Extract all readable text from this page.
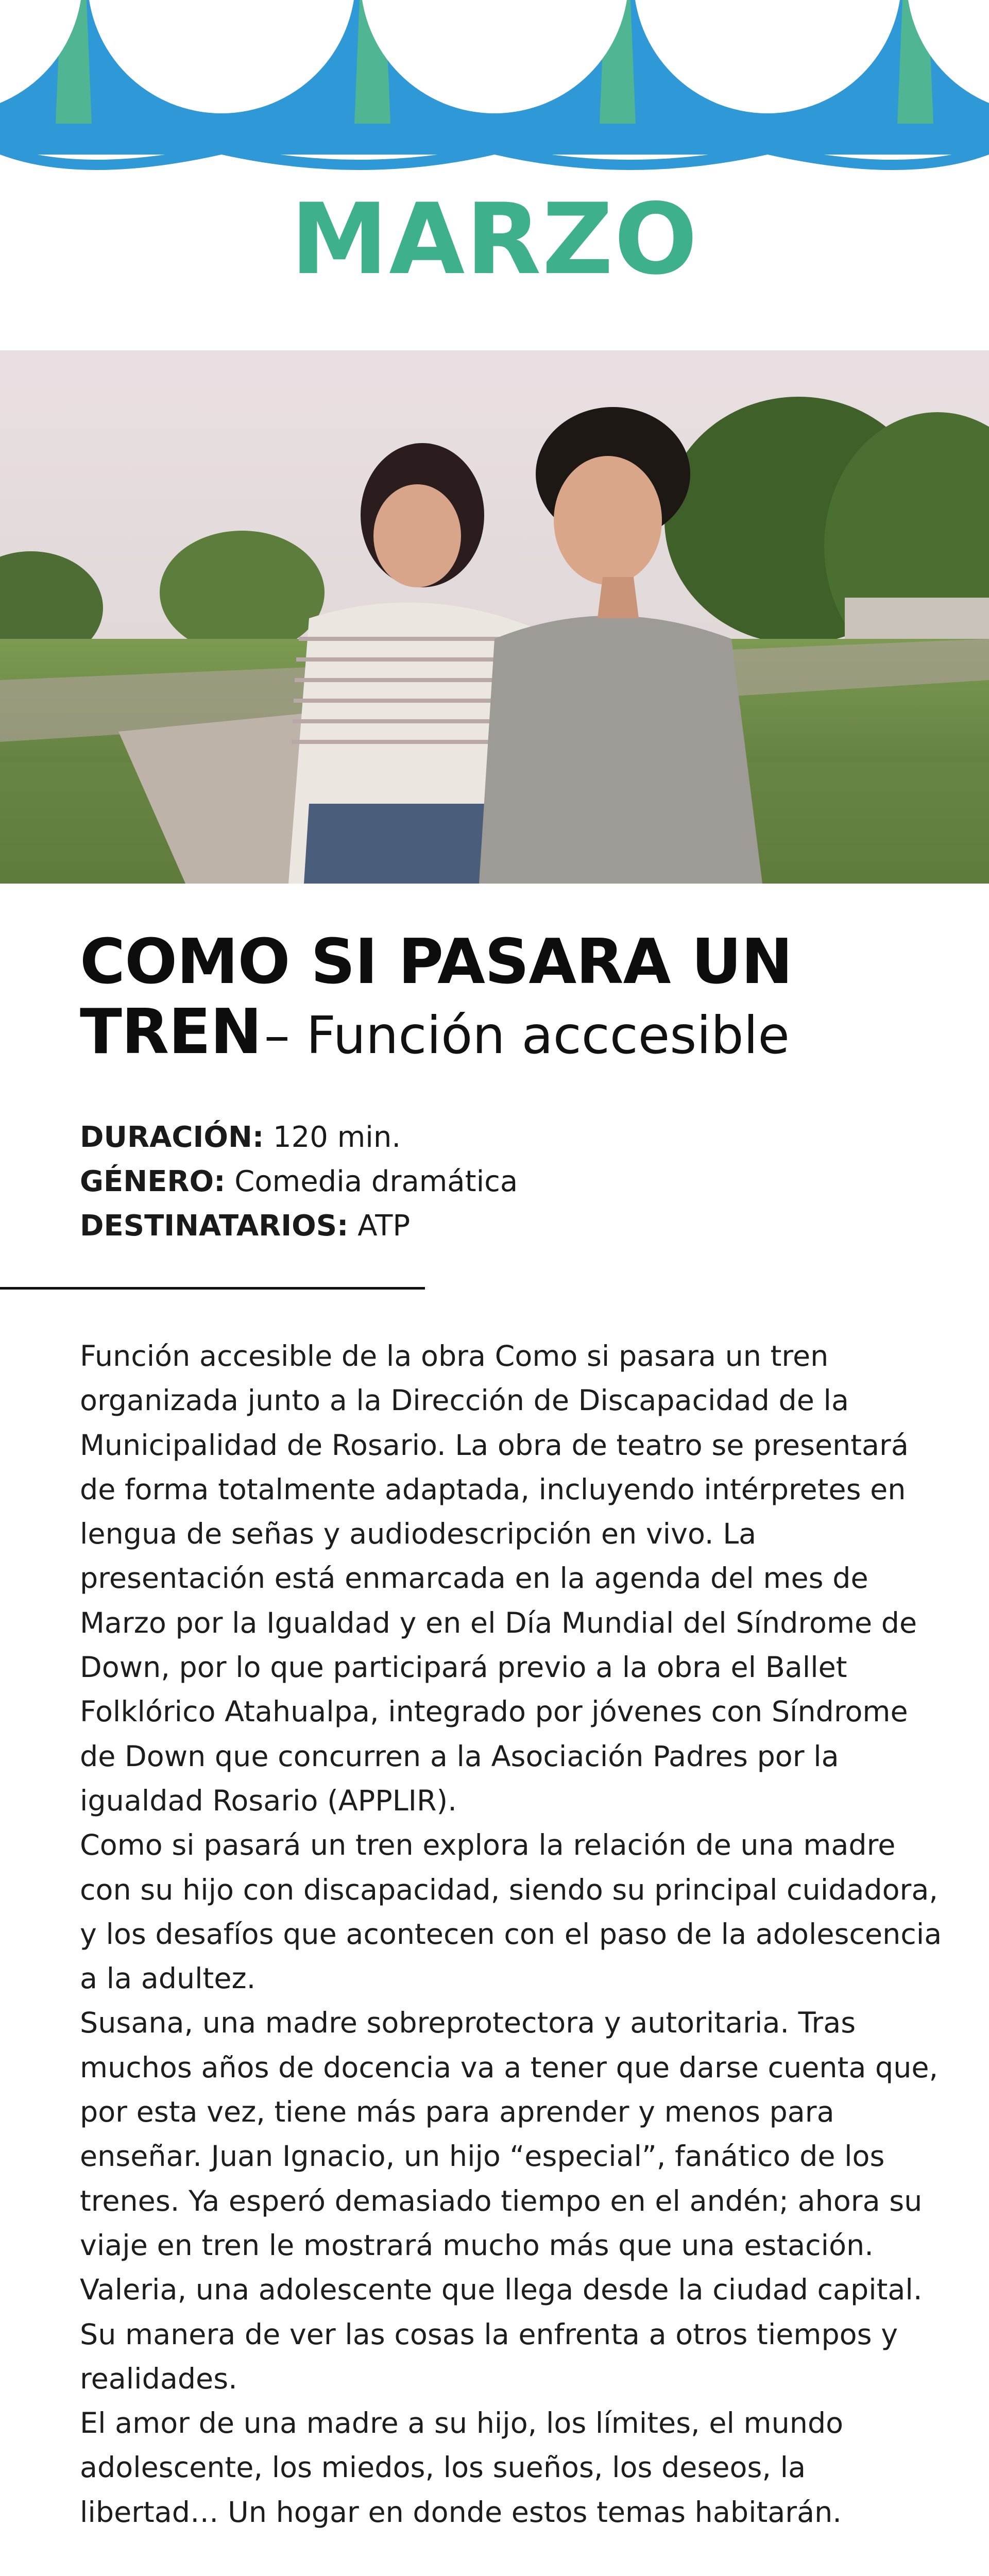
MARZO
COMO SI PASARA UN TREN – Función acccesible
DURACIÓN: 120 min.
GÉNERO: Comedia dramática
DESTINATARIOS: ATP

Función accesible de la obra Como si pasara un tren organizada junto a la Dirección de Discapacidad de la Municipalidad de Rosario. La obra de teatro se presentará de forma totalmente adaptada, incluyendo intérpretes en lengua de señas y audiodescripción en vivo. La presentación está enmarcada en la agenda del mes de Marzo por la Igualdad y en el Día Mundial del Síndrome de Down, por lo que participará previo a la obra el Ballet Folklórico Atahualpa, integrado por jóvenes con Síndrome de Down que concurren a la Asociación Padres por la igualdad Rosario (APPLIR).

Como si pasará un tren explora la relación de una madre con su hijo con discapacidad, siendo su principal cuidadora, y los desafíos que acontecen con el paso de la adolescencia a la adultez.

Susana, una madre sobreprotectora y autoritaria. Tras muchos años de docencia va a tener que darse cuenta que, por esta vez, tiene más para aprender y menos para enseñar. Juan Ignacio, un hijo “especial”, fanático de los trenes. Ya esperó demasiado tiempo en el andén; ahora su viaje en tren le mostrará mucho más que una estación. Valeria, una adolescente que llega desde la ciudad capital. Su manera de ver las cosas la enfrenta a otros tiempos y realidades.

El amor de una madre a su hijo, los límites, el mundo adolescente, los miedos, los sueños, los deseos, la libertad… Un hogar en donde estos temas habitarán.
